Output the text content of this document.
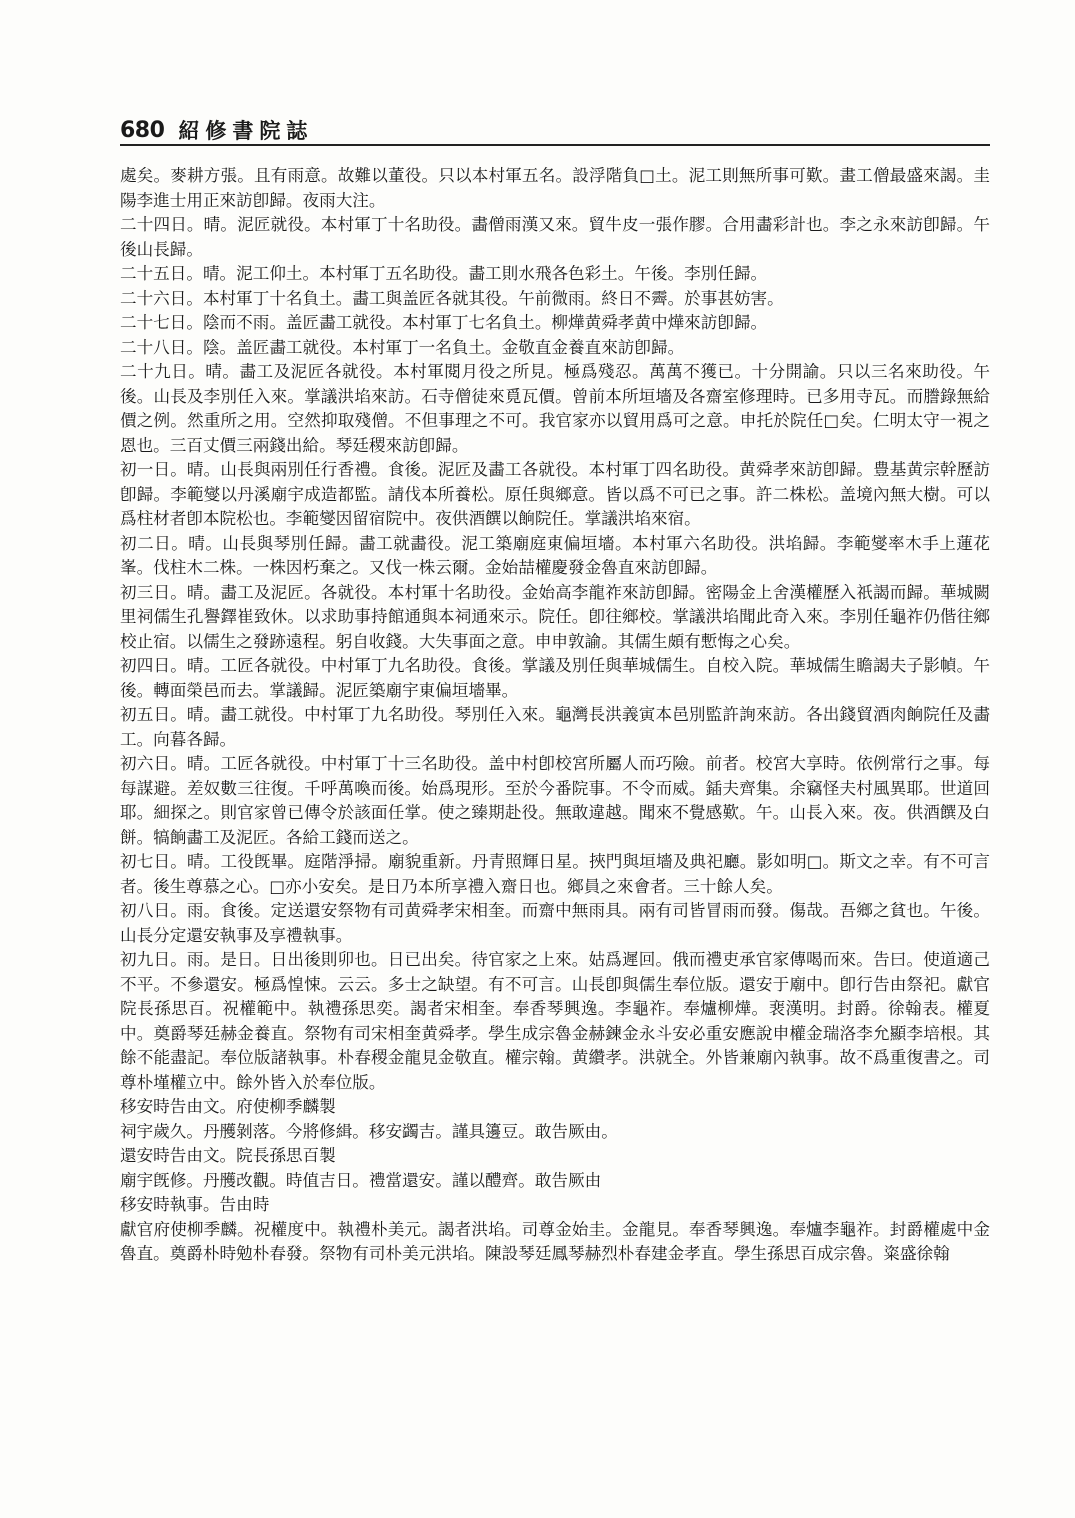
680 紹修書院誌

處矣。麥耕方張。且有雨意。故難以董役。只以本村軍五名。設浮階負□土。泥工則無所事可歎。畫工僧最盛來謁。圭陽李進士用正來訪卽歸。夜雨大注。

二十四日。晴。泥匠就役。本村軍丁十名助役。畵僧雨漢又來。貿牛皮一張作膠。合用畵彩計也。李之永來訪卽歸。午後山長歸。

二十五日。晴。泥工仰土。本村軍丁五名助役。畵工則水飛各色彩土。午後。李別任歸。

二十六日。本村軍丁十名負土。畵工與盖匠各就其役。午前微雨。終日不霽。於事甚妨害。

二十七日。陰而不雨。盖匠畵工就役。本村軍丁七名負土。柳燁黄舜孝黄中燁來訪卽歸。

二十八日。陰。盖匠畵工就役。本村軍丁一名負土。金敬直金養直來訪卽歸。

二十九日。晴。畵工及泥匠各就役。本村軍閱月役之所見。極爲殘忍。萬萬不獲已。十分開諭。只以三名來助役。午後。山長及李別任入來。掌議洪埳來訪。石寺僧徒來覓瓦價。曾前本所垣墻及各齋室修理時。已多用寺瓦。而謄錄無給價之例。然重所之用。空然抑取殘僧。不但事理之不可。我官家亦以貿用爲可之意。申托於院任□矣。仁明太守一視之恩也。三百丈價三兩錢出給。琴廷稷來訪卽歸。

初一日。晴。山長與兩別任行香禮。食後。泥匠及畵工各就役。本村軍丁四名助役。黄舜孝來訪卽歸。豊基黄宗幹歷訪卽歸。李範燮以丹溪廟宇成造都監。請伐本所養松。原任與鄉意。皆以爲不可已之事。許二株松。盖境內無大樹。可以爲柱材者卽本院松也。李範燮因留宿院中。夜供酒饌以餉院任。掌議洪埳來宿。

初二日。晴。山長與琴別任歸。畵工就畵役。泥工築廟庭東偏垣墻。本村軍六名助役。洪埳歸。李範燮率木手上蓮花峯。伐柱木二株。一株因朽棄之。又伐一株云爾。金始喆權慶發金魯直來訪卽歸。

初三日。晴。畵工及泥匠。各就役。本村軍十名助役。金始高李龍祚來訪卽歸。密陽金上舍漢權歷入祇謁而歸。華城闕里祠儒生孔譽鐸崔致休。以求助事持館通與本祠通來示。院任。卽往鄉校。掌議洪埳聞此奇入來。李別任龜祚仍偕往鄉校止宿。以儒生之發跡遠程。躬自收錢。大失事面之意。申申敦諭。其儒生頗有慙悔之心矣。

初四日。晴。工匠各就役。中村軍丁九名助役。食後。掌議及別任與華城儒生。自校入院。華城儒生瞻謁夫子影幀。午後。轉面榮邑而去。掌議歸。泥匠築廟宇東偏垣墻畢。

初五日。晴。畵工就役。中村軍丁九名助役。琴別任入來。龜灣長洪義寅本邑別監許詢來訪。各出錢貿酒肉餉院任及畵工。向暮各歸。

初六日。晴。工匠各就役。中村軍丁十三名助役。盖中村卽校宮所屬人而巧險。前者。校宮大享時。依例常行之事。每每謀避。差奴數三往復。千呼萬喚而後。始爲現形。至於今番院事。不令而威。鍤夫齊集。余竊怪夫村風異耶。世道回耶。細探之。則官家曾已傳令於該面任掌。使之臻期赴役。無敢違越。聞來不覺感歎。午。山長入來。夜。供酒饌及白餅。犒餉畵工及泥匠。各給工錢而送之。

初七日。晴。工役旣畢。庭階淨掃。廟貌重新。丹青照輝日星。挾門與垣墻及典祀廳。影如明□。斯文之幸。有不可言者。後生尊慕之心。□亦小安矣。是日乃本所享禮入齋日也。鄉員之來會者。三十餘人矣。

初八日。雨。食後。定送還安祭物有司黄舜孝宋相奎。而齋中無雨具。兩有司皆冒雨而發。傷哉。吾鄉之貧也。午後。山長分定還安執事及享禮執事。

初九日。雨。是日。日出後則卯也。日已出矣。待官家之上來。姑爲遲回。俄而禮吏承官家傳喝而來。告曰。使道適己不平。不參還安。極爲惶悚。云云。多士之缺望。有不可言。山長卽與儒生奉位版。還安于廟中。卽行告由祭祀。獻官院長孫思百。祝權範中。執禮孫思奕。謁者宋相奎。奉香琴興逸。李龜祚。奉爐柳燁。裵漢明。封爵。徐翰表。權夏中。奠爵琴廷赫金養直。祭物有司宋相奎黄舜孝。學生成宗魯金赫鍊金永斗安必重安應說申權金瑞洛李允顯李培根。其餘不能盡記。奉位版諸執事。朴春稷金龍見金敬直。權宗翰。黄纘孝。洪就全。外皆兼廟內執事。故不爲重復書之。司尊朴墐權立中。餘外皆入於奉位版。

移安時告由文。府使柳季麟製

祠宇歲久。丹雘剝落。今將修緝。移安蠲吉。謹具籩豆。敢告厥由。

還安時告由文。院長孫思百製

廟宇旣修。丹雘改觀。時值吉日。禮當還安。謹以醴齊。敢告厥由

移安時執事。告由時

獻官府使柳季麟。祝權度中。執禮朴美元。謁者洪埳。司尊金始圭。金龍見。奉香琴興逸。奉爐李龜祚。封爵權處中金魯直。奠爵朴時勉朴春發。祭物有司朴美元洪埳。陳設琴廷鳳琴赫烈朴春建金孝直。學生孫思百成宗魯。粢盛徐翰
